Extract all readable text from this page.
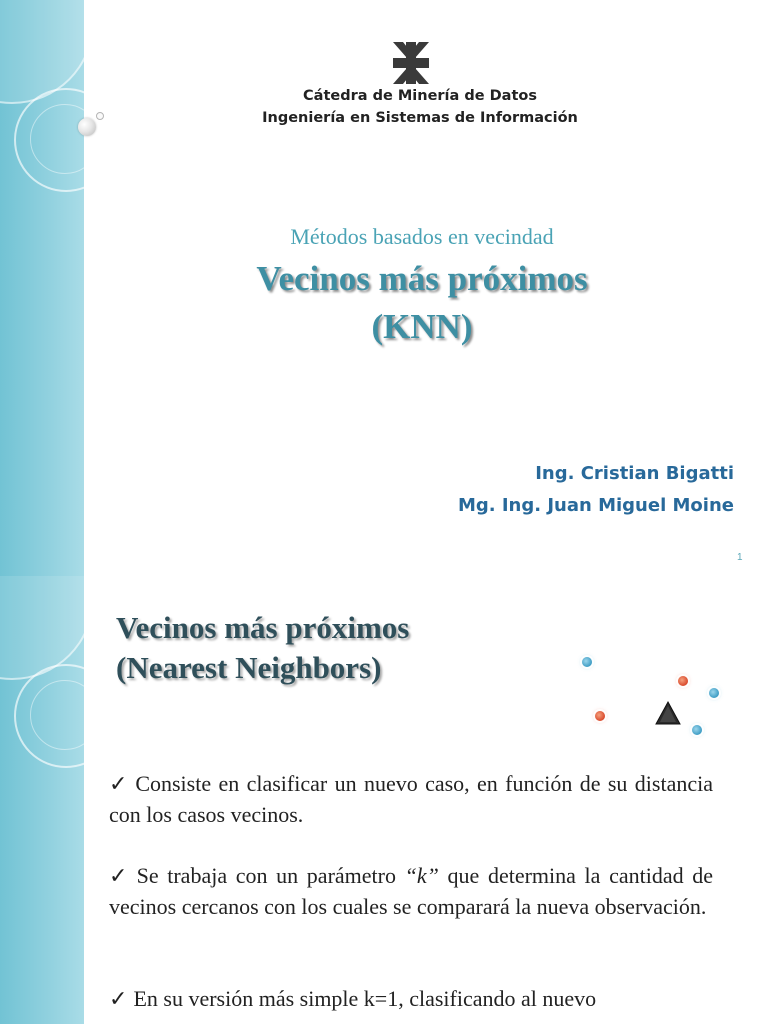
Cátedra de Minería de Datos
Ingeniería en Sistemas de Información
Métodos basados en vecindad
Vecinos más próximos
(KNN)
Ing. Cristian Bigatti
Mg. Ing. Juan Miguel Moine
1
Vecinos más próximos
(Nearest Neighbors)
✓ Consiste en clasificar un nuevo caso, en función de su distancia con los casos vecinos.
✓ Se trabaja con un parámetro “k” que determina la cantidad de vecinos cercanos con los cuales se comparará la nueva observación.
✓ En su versión más simple k=1, clasificando al nuevo
